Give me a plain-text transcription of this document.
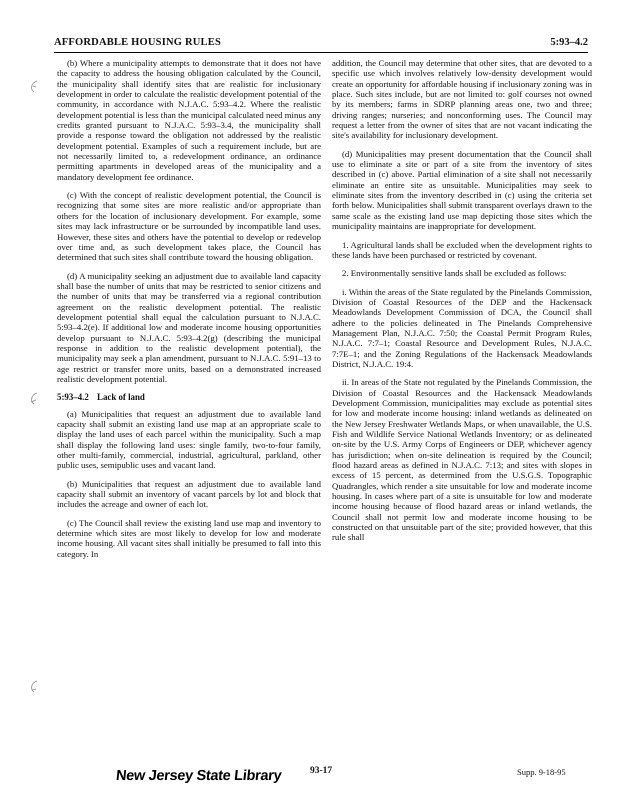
AFFORDABLE HOUSING RULES	5:93–4.2

(b) Where a municipality attempts to demonstrate that it does not have the capacity to address the housing obligation calculated by the Council, the municipality shall identify sites that are realistic for inclusionary development in order to calculate the realistic development potential of the community, in accordance with N.J.A.C. 5:93–4.2. Where the realistic development potential is less than the municipal calculated need minus any credits granted pursuant to N.J.A.C. 5:93–3.4, the municipality shall provide a response toward the obligation not addressed by the realistic development potential. Examples of such a requirement include, but are not necessarily limited to, a redevelopment ordinance, an ordinance permitting apartments in developed areas of the municipality and a mandatory development fee ordinance.

(c) With the concept of realistic development potential, the Council is recognizing that some sites are more realistic and/or appropriate than others for the location of inclusionary development. For example, some sites may lack infrastructure or be surrounded by incompatible land uses. However, these sites and others have the potential to develop or redevelop over time and, as such development takes place, the Council has determined that such sites shall contribute toward the housing obligation.

(d) A municipality seeking an adjustment due to available land capacity shall base the number of units that may be restricted to senior citizens and the number of units that may be transferred via a regional contribution agreement on the realistic development potential. The realistic development potential shall equal the calculation pursuant to N.J.A.C. 5:93–4.2(e). If additional low and moderate income housing opportunities develop pursuant to N.J.A.C. 5:93–4.2(g) (describing the municipal response in addition to the realistic development potential), the municipality may seek a plan amendment, pursuant to N.J.A.C. 5:91–13 to age restrict or transfer more units, based on a demonstrated increased realistic development potential.

5:93–4.2 Lack of land

(a) Municipalities that request an adjustment due to available land capacity shall submit an existing land use map at an appropriate scale to display the land uses of each parcel within the municipality. Such a map shall display the following land uses: single family, two-to-four family, other multi-family, commercial, industrial, agricultural, parkland, other public uses, semipublic uses and vacant land.

(b) Municipalities that request an adjustment due to available land capacity shall submit an inventory of vacant parcels by lot and block that includes the acreage and owner of each lot.

(c) The Council shall review the existing land use map and inventory to determine which sites are most likely to develop for low and moderate income housing. All vacant sites shall initially be presumed to fall into this category. In

addition, the Council may determine that other sites, that are devoted to a specific use which involves relatively low-density development would create an opportunity for affordable housing if inclusionary zoning was in place. Such sites include, but are not limited to: golf courses not owned by its members; farms in SDRP planning areas one, two and three; driving ranges; nurseries; and nonconforming uses. The Council may request a letter from the owner of sites that are not vacant indicating the site's availability for inclusionary development.

(d) Municipalities may present documentation that the Council shall use to eliminate a site or part of a site from the inventory of sites described in (c) above. Partial elimination of a site shall not necessarily eliminate an entire site as unsuitable. Municipalities may seek to eliminate sites from the inventory described in (c) using the criteria set forth below. Municipalities shall submit transparent overlays drawn to the same scale as the existing land use map depicting those sites which the municipality maintains are inappropriate for development.

1. Agricultural lands shall be excluded when the development rights to these lands have been purchased or restricted by covenant.

2. Environmentally sensitive lands shall be excluded as follows:

i. Within the areas of the State regulated by the Pinelands Commission, Division of Coastal Resources of the DEP and the Hackensack Meadowlands Development Commission of DCA, the Council shall adhere to the policies delineated in The Pinelands Comprehensive Management Plan, N.J.A.C. 7:50; the Coastal Permit Program Rules, N.J.A.C. 7:7–1; Coastal Resource and Development Rules, N.J.A.C. 7:7E–1; and the Zoning Regulations of the Hackensack Meadowlands District, N.J.A.C. 19:4.

ii. In areas of the State not regulated by the Pinelands Commission, the Division of Coastal Resources and the Hackensack Meadowlands Development Commission, municipalities may exclude as potential sites for low and moderate income housing: inland wetlands as delineated on the New Jersey Freshwater Wetlands Maps, or when unavailable, the U.S. Fish and Wildlife Service National Wetlands Inventory; or as delineated on-site by the U.S. Army Corps of Engineers or DEP, whichever agency has jurisdiction; when on-site delineation is required by the Council; flood hazard areas as defined in N.J.A.C. 7:13; and sites with slopes in excess of 15 percent, as determined from the U.S.G.S. Topographic Quadrangles, which render a site unsuitable for low and moderate income housing. In cases where part of a site is unsuitable for low and moderate income housing because of flood hazard areas or inland wetlands, the Council shall not permit low and moderate income housing to be constructed on that unsuitable part of the site; provided however, that this rule shall

New Jersey State Library	93-17	Supp. 9-18-95
